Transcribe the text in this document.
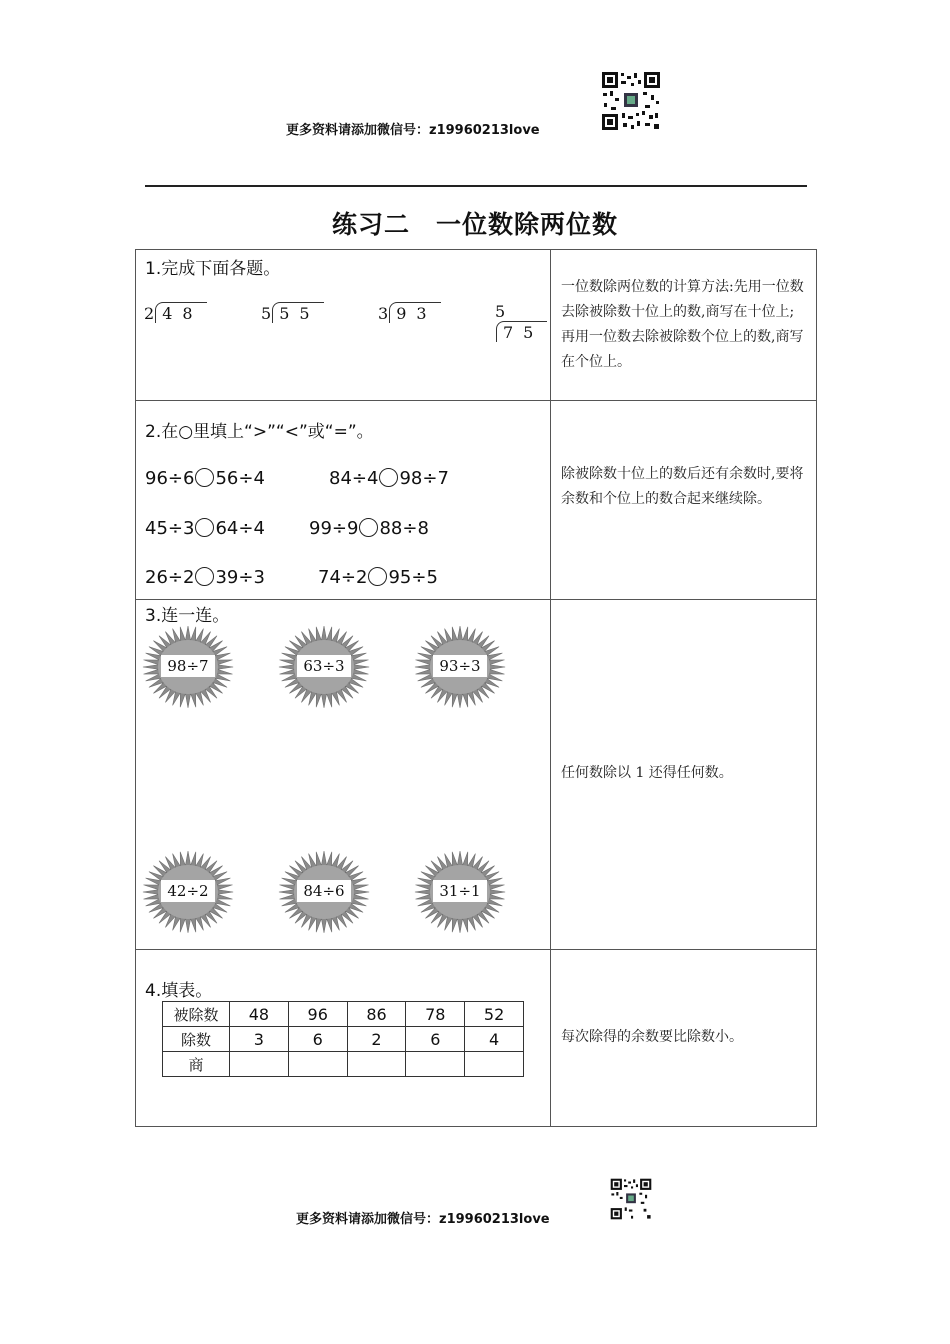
更多资料请添加微信号：z19960213love
练习二　一位数除两位数
1.完成下面各题。
2 48	5 55	3 93	575

一位数除两位数的计算方法:先用一位数去除被除数十位上的数,商写在十位上;再用一位数去除被除数个位上的数,商写在个位上。

2.在○里填上“>”“<”或“=”。
96÷6 56÷4	84÷4 98÷7
45÷3 64÷4 99÷9 88÷8
26÷2 39÷3	74÷2 95÷5

除被除数十位上的数后还有余数时,要将余数和个位上的数合起来继续除。

3.连一连。
98÷7	63÷3	93÷3
42÷2	84÷6	31÷1

任何数除以 1 还得任何数。

4.填表。
被除数	48	96	86	78	52
除数	3	6	2	6	4
商					

每次除得的余数要比除数小。
更多资料请添加微信号：z19960213love
